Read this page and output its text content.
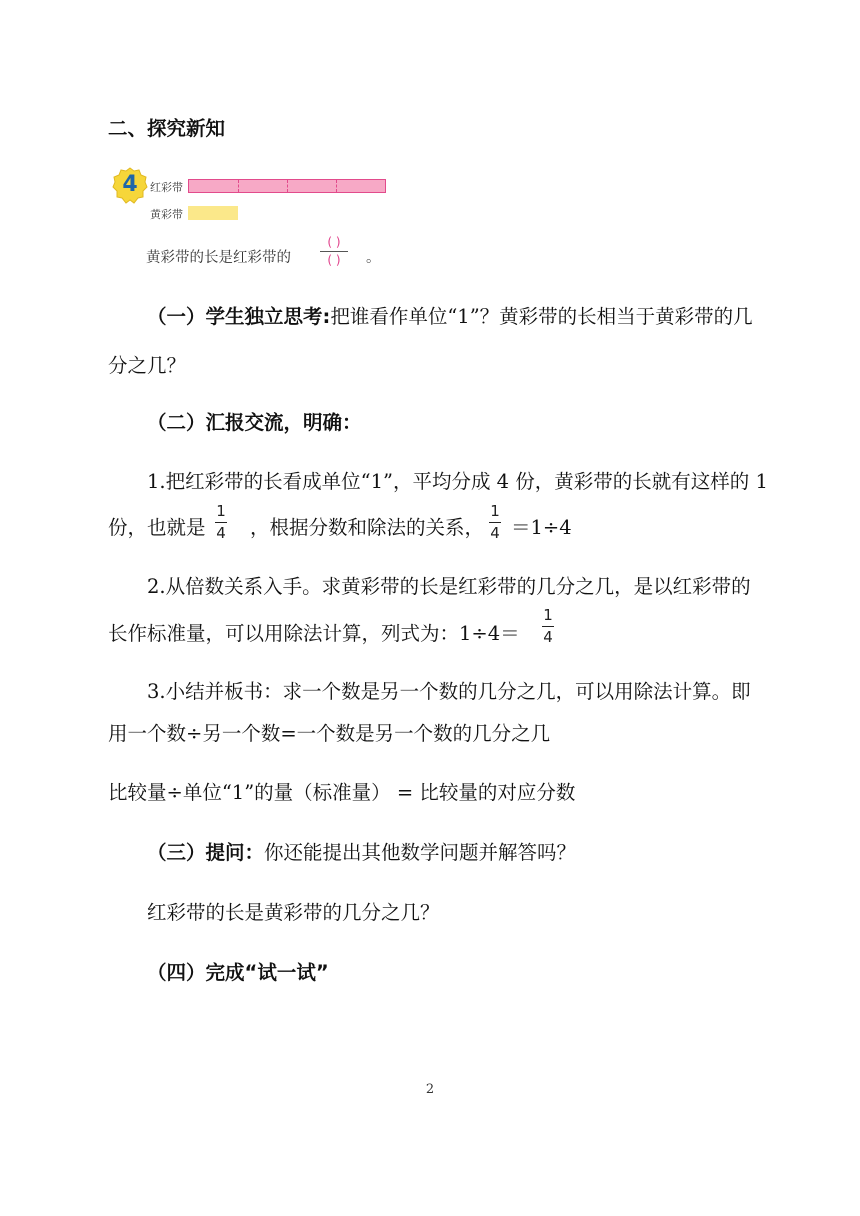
二、探究新知
4	红彩带
黄彩带
黄彩带的长是红彩带的
( )
( ) 。
（一）学生独立思考:把谁看作单位“1”？黄彩带的长相当于黄彩带的几
分之几？
（二）汇报交流，明确：
1.把红彩带的长看成单位“1”，平均分成 4 份，黄彩带的长就有这样的 1
份，也就是
1
4 ，根据分数和除法的关系，
1
4 ＝1÷4
2.从倍数关系入手。求黄彩带的长是红彩带的几分之几，是以红彩带的
长作标准量，可以用除法计算，列式为：1÷4＝
1
4
3.小结并板书：求一个数是另一个数的几分之几，可以用除法计算。即
用一个数÷另一个数=一个数是另一个数的几分之几
比较量÷单位“1”的量（标准量） = 比较量的对应分数
（三）提问：你还能提出其他数学问题并解答吗？
红彩带的长是黄彩带的几分之几？
（四）完成“试一试”
2
